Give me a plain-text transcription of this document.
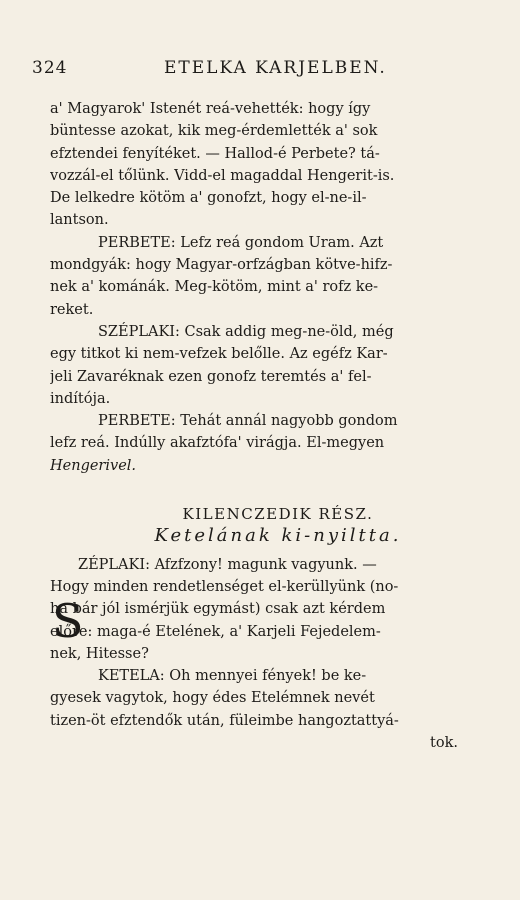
324	ETELKA KARJELBEN.
S
a' Magyarok' Istenét reá-vehették: hogy így
büntesse azokat, kik meg-érdemlették a' sok
efztendei fenyítéket. — Hallod-é Perbete? tá-
vozzál-el tőlünk. Vidd-el magaddal Hengerit-is.
De lelkedre kötöm a' gonofzt, hogy el-ne-il-
lantson.
PERBETE: Lefz reá gondom Uram. Azt
mondgyák: hogy Magyar-orfzágban kötve-hifz-
nek a' kománák. Meg-kötöm, mint a' rofz ke-
reket.
SZÉPLAKI: Csak addig meg-ne-öld, még
egy titkot ki nem-vefzek belőlle. Az egéfz Kar-
jeli Zavaréknak ezen gonofz teremtés a' fel-
indítója.
PERBETE: Tehát annál nagyobb gondom
lefz reá. Indúlly akafztófa' virágja. El-megyen
Hengerivel.
KILENCZEDIK RÉSZ.
Ketelának ki-nyiltta.
ZÉPLAKI: Afzfzony! magunk vagyunk. —
Hogy minden rendetlenséget el-kerüllyünk (no-
ha bár jól ismérjük egymást) csak azt kérdem
előre: maga-é Etelének, a' Karjeli Fejedelem-
nek, Hitesse?
KETELA: Oh mennyei fények! be ke-
gyesek vagytok, hogy édes Etelémnek nevét
tizen-öt efztendők után, füleimbe hangoztattyá-
tok.
